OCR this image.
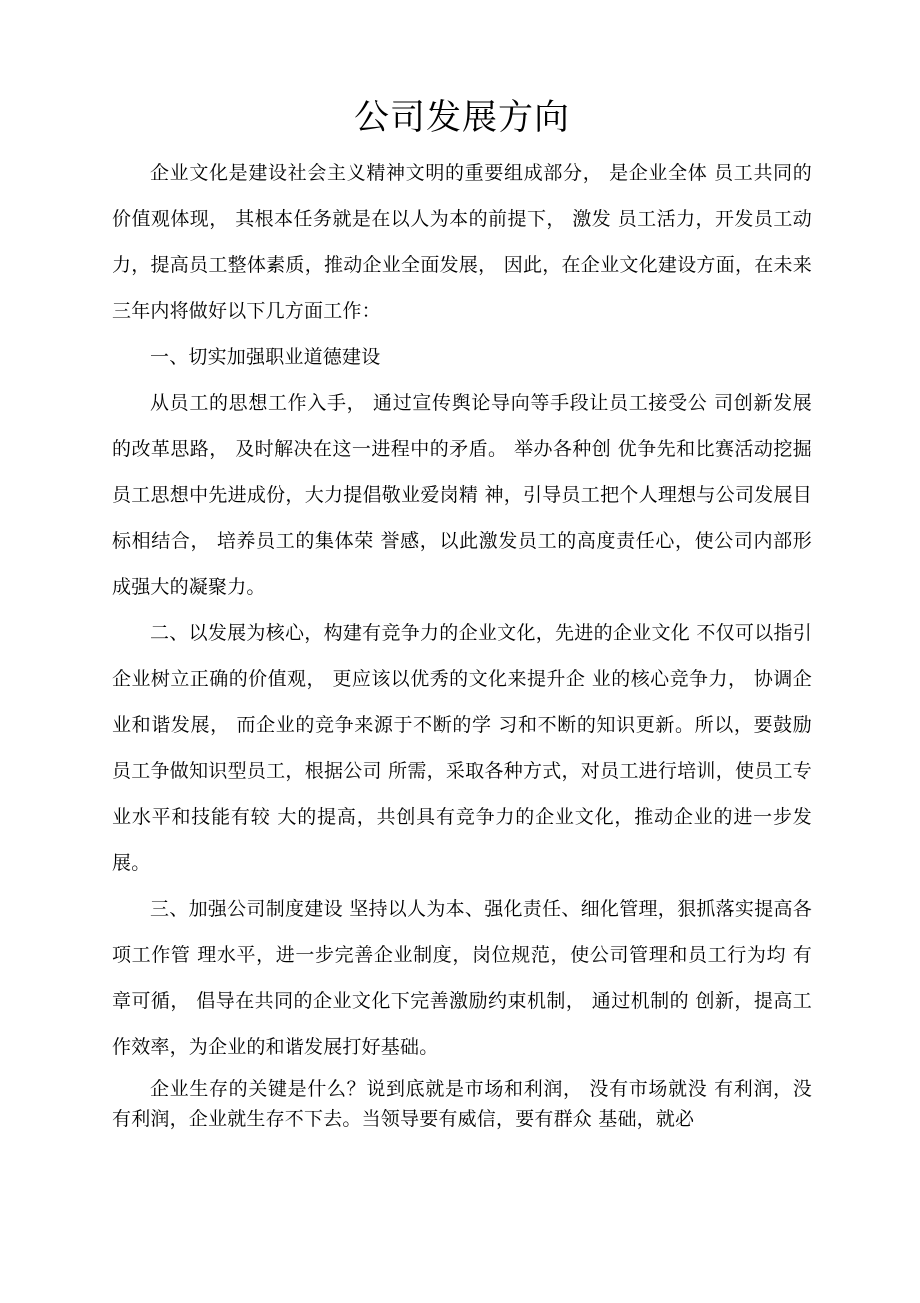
公司发展方向

企业文化是建设社会主义精神文明的重要组成部分， 是企业全体 员工共同的价值观体现， 其根本任务就是在以人为本的前提下， 激发 员工活力，开发员工动力，提高员工整体素质，推动企业全面发展， 因此，在企业文化建设方面，在未来三年内将做好以下几方面工作：

一、切实加强职业道德建设

从员工的思想工作入手， 通过宣传舆论导向等手段让员工接受公 司创新发展的改革思路， 及时解决在这一进程中的矛盾。 举办各种创 优争先和比赛活动挖掘员工思想中先进成份，大力提倡敬业爱岗精 神，引导员工把个人理想与公司发展目标相结合， 培养员工的集体荣 誉感，以此激发员工的高度责任心，使公司内部形成强大的凝聚力。

二、以发展为核心，构建有竞争力的企业文化，先进的企业文化 不仅可以指引企业树立正确的价值观， 更应该以优秀的文化来提升企 业的核心竞争力， 协调企业和谐发展， 而企业的竞争来源于不断的学 习和不断的知识更新。所以，要鼓励员工争做知识型员工，根据公司 所需，采取各种方式，对员工进行培训，使员工专业水平和技能有较 大的提高，共创具有竞争力的企业文化，推动企业的进一步发展。

三、加强公司制度建设 坚持以人为本、强化责任、细化管理，狠抓落实提高各项工作管 理水平，进一步完善企业制度，岗位规范，使公司管理和员工行为均 有章可循， 倡导在共同的企业文化下完善激励约束机制， 通过机制的 创新，提高工作效率，为企业的和谐发展打好基础。

企业生存的关键是什么？说到底就是市场和利润， 没有市场就没 有利润，没有利润，企业就生存不下去。当领导要有威信，要有群众 基础，就必
